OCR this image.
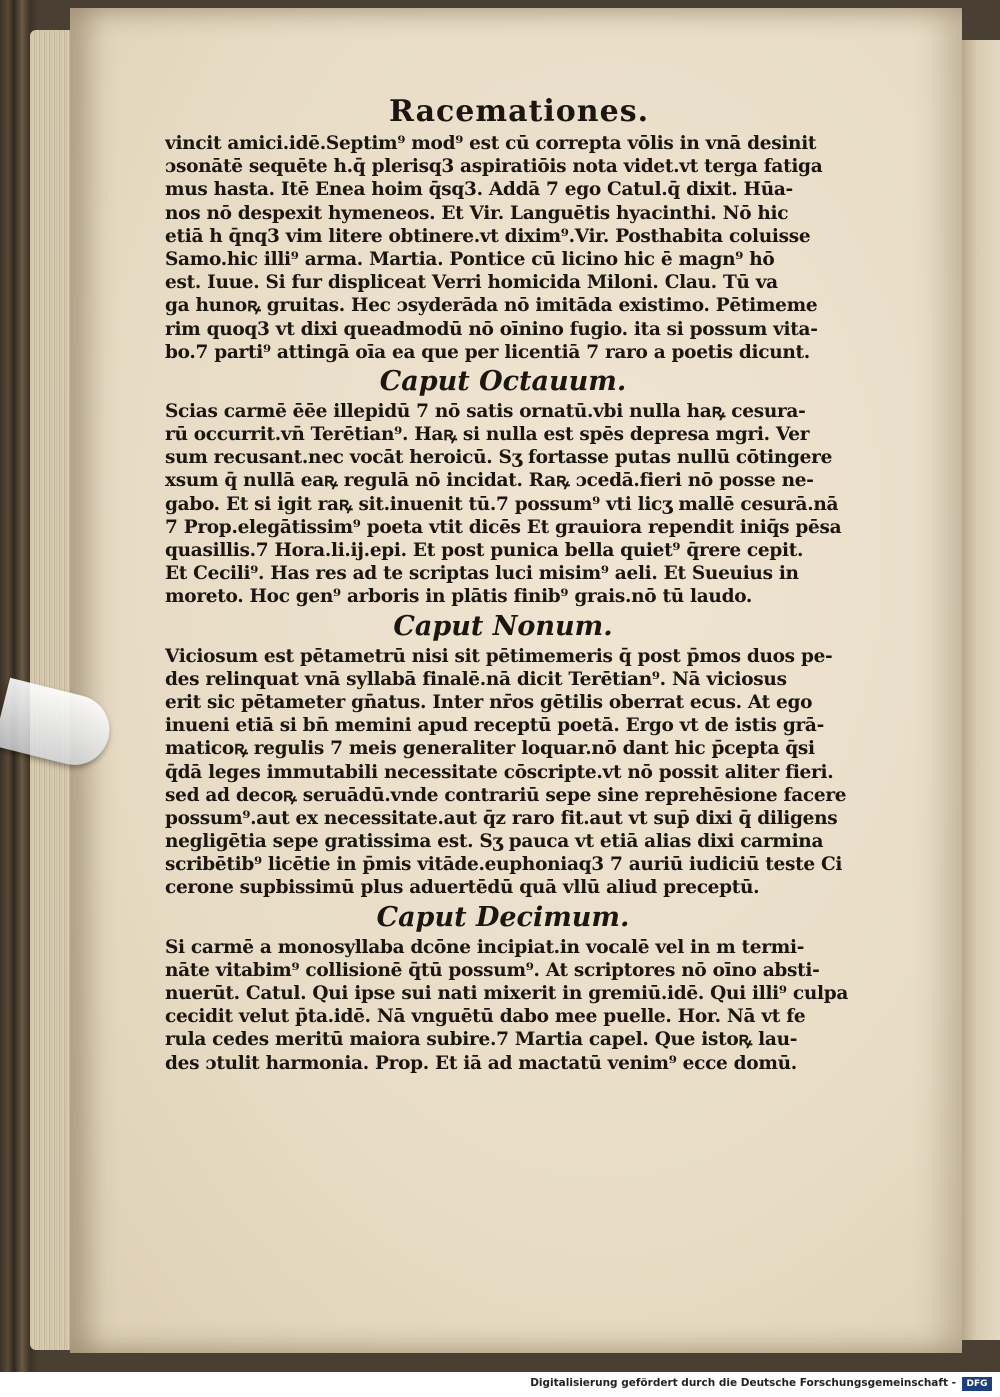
Racemationes.
vincit amici.idē.Septim⁹ mod⁹ est cū correpta vōlis in vnā desinit
ɔsonātē sequēte h.q̄ plerisq3 aspiratiōis nota videt.vt terga fatiga
mus hasta. Itē Enea hoim q̄sq3. Addā 7 ego Catul.q̄ dixit. Hūa-
nos nō despexit hymeneos. Et Vir. Languētis hyacinthi. Nō hic
etiā h q̄nq3 vim litere obtinere.vt dixim⁹.Vir. Posthabita coluisse
Samo.hic illi⁹ arma. Martia. Pontice cū licino hic ē magn⁹ hō
est. Iuue. Si fur displiceat Verri homicida Miloni. Clau. Tū va
ga hunoꝶ gruitas. Hec ɔsyderāda nō imitāda existimo. Pētimeme
rim quoq3 vt dixi queadmodū nō oīnino fugio. ita si possum vita-
bo.7 parti⁹ attingā oīa ea que per licentiā 7 raro a poetis dicunt.
Caput Octauum.
Scias carmē ēēe illepidū 7 nō satis ornatū.vbi nulla haꝶ cesura-
rū occurrit.vn̄ Terētian⁹. Haꝶ si nulla est spēs depresa mgri. Ver
sum recusant.nec vocāt heroicū. Sʒ fortasse putas nullū cōtingere
xsum q̄ nullā eaꝶ regulā nō incidat. Raꝶ ɔcedā.fieri nō posse ne-
gabo. Et si igit raꝶ sit.inuenit tū.7 possum⁹ vti licʒ mallē cesurā.nā
7 Prop.elegātissim⁹ poeta vtit dicēs Et grauiora rependit iniq̄s pēsa
quasillis.7 Hora.li.ij.epi. Et post punica bella quiet⁹ q̄rere cepit.
Et Cecili⁹. Has res ad te scriptas luci misim⁹ aeli. Et Sueuius in
moreto. Hoc gen⁹ arboris in plātis finib⁹ grais.nō tū laudo.
Caput Nonum.
Viciosum est pētametrū nisi sit pētimemeris q̄ post p̄mos duos pe-
des relinquat vnā syllabā finalē.nā dicit Terētian⁹. Nā viciosus
erit sic pētameter gn̄atus. Inter nr̄os gētilis oberrat ecus. At ego
inueni etiā si bn̄ memini apud receptū poetā. Ergo vt de istis grā-
maticoꝶ regulis 7 meis generaliter loquar.nō dant hic p̄cepta q̄si
q̄dā leges immutabili necessitate cōscripte.vt nō possit aliter fieri.
sed ad decoꝶ seruādū.vnde contrariū sepe sine reprehēsione facere
possum⁹.aut ex necessitate.aut q̄z raro fit.aut vt sup̄ dixi q̄ diligens
negligētia sepe gratissima est. Sʒ pauca vt etiā alias dixi carmina
scribētib⁹ licētie in p̄mis vitāde.euphoniaq3 7 auriū iudiciū teste Ci
cerone supbissimū plus aduertēdū quā vllū aliud preceptū.
Caput Decimum.
Si carmē a monosyllaba dcōne incipiat.in vocalē vel in m termi-
nāte vitabim⁹ collisionē q̄tū possum⁹. At scriptores nō oīno absti-
nuerūt. Catul. Qui ipse sui nati mixerit in gremiū.idē. Qui illi⁹ culpa
cecidit velut p̄ta.idē. Nā vnguētū dabo mee puelle. Hor. Nā vt fe
rula cedes meritū maiora subire.7 Martia capel. Que istoꝶ lau-
des ɔtulit harmonia. Prop. Et iā ad mactatū venim⁹ ecce domū.
Digitalisierung gefördert durch die Deutsche Forschungsgemeinschaft -	DFG
